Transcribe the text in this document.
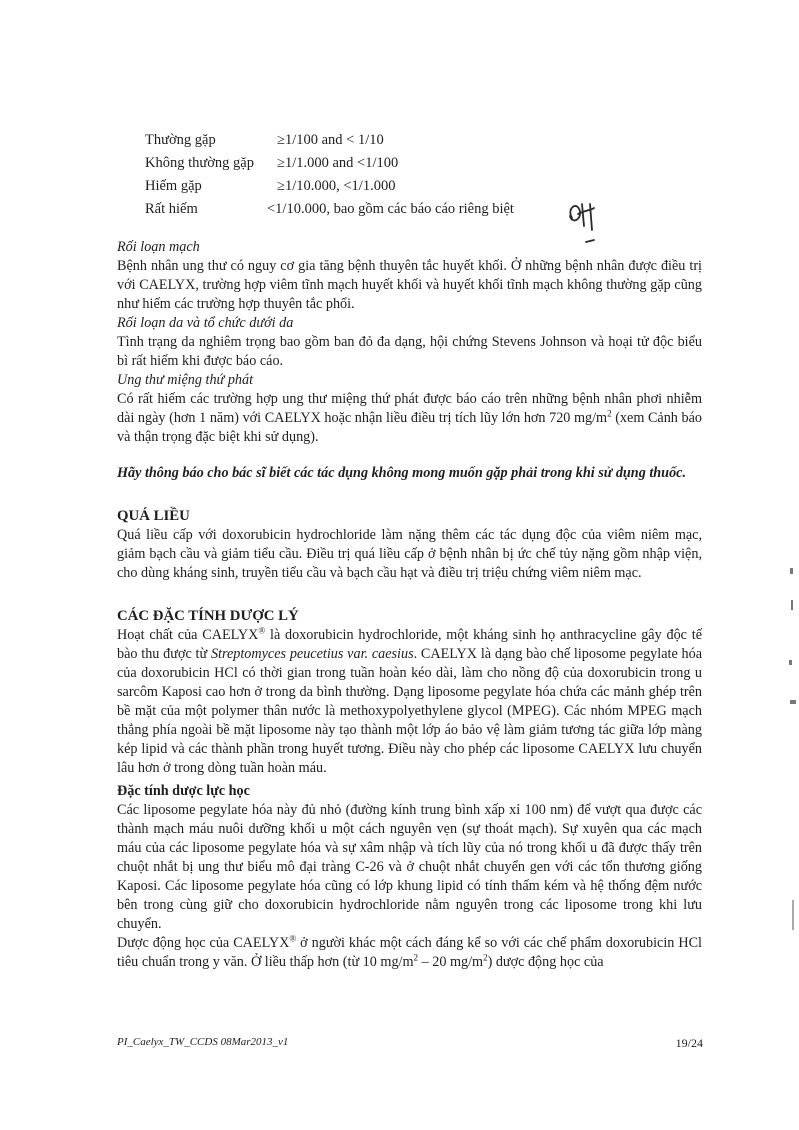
Thường gặp	≥1/100 and < 1/10
Không thường gặp	≥1/1.000 and <1/100
Hiếm gặp	≥1/10.000, <1/1.000
Rất hiếm	<1/10.000, bao gồm các báo cáo riêng biệt

Rối loạn mạch

Bệnh nhân ung thư có nguy cơ gia tăng bệnh thuyên tắc huyết khối. Ở những bệnh nhân được điều trị với CAELYX, trường hợp viêm tĩnh mạch huyết khối và huyết khối tĩnh mạch không thường gặp cũng như hiếm các trường hợp thuyên tắc phổi.

Rối loạn da và tổ chức dưới da

Tình trạng da nghiêm trọng bao gồm ban đỏ đa dạng, hội chứng Stevens Johnson và hoại tử độc biểu bì rất hiếm khi được báo cáo.

Ung thư miệng thứ phát

Có rất hiếm các trường hợp ung thư miệng thứ phát được báo cáo trên những bệnh nhân phơi nhiễm dài ngày (hơn 1 năm) với CAELYX hoặc nhận liều điều trị tích lũy lớn hơn 720 $mg/m^2$ (xem Cảnh báo và thận trọng đặc biệt khi sử dụng).

Hãy thông báo cho bác sĩ biết các tác dụng không mong muốn gặp phải trong khi sử dụng thuốc.

QUÁ LIỀU

Quá liều cấp với doxorubicin hydrochloride làm nặng thêm các tác dụng độc của viêm niêm mạc, giảm bạch cầu và giảm tiểu cầu. Điều trị quá liều cấp ở bệnh nhân bị ức chế tủy nặng gồm nhập viện, cho dùng kháng sinh, truyền tiểu cầu và bạch cầu hạt và điều trị triệu chứng viêm niêm mạc.

CÁC ĐẶC TÍNH DƯỢC LÝ

Hoạt chất của CAELYX® là doxorubicin hydrochloride, một kháng sinh họ anthracycline gây độc tế bào thu được từ Streptomyces peucetius var. caesius. CAELYX là dạng bào chế liposome pegylate hóa của doxorubicin HCl có thời gian trong tuần hoàn kéo dài, làm cho nồng độ của doxorubicin trong u sarcôm Kaposi cao hơn ở trong da bình thường. Dạng liposome pegylate hóa chứa các mảnh ghép trên bề mặt của một polymer thân nước là methoxypolyethylene glycol (MPEG). Các nhóm MPEG mạch thẳng phía ngoài bề mặt liposome này tạo thành một lớp áo bảo vệ làm giảm tương tác giữa lớp màng kép lipid và các thành phần trong huyết tương. Điều này cho phép các liposome CAELYX lưu chuyển lâu hơn ở trong dòng tuần hoàn máu.

Đặc tính dược lực học

Các liposome pegylate hóa này đủ nhỏ (đường kính trung bình xấp xỉ 100 nm) để vượt qua được các thành mạch máu nuôi dưỡng khối u một cách nguyên vẹn (sự thoát mạch). Sự xuyên qua các mạch máu của các liposome pegylate hóa và sự xâm nhập và tích lũy của nó trong khối u đã được thấy trên chuột nhắt bị ung thư biểu mô đại tràng C-26 và ở chuột nhắt chuyển gen với các tổn thương giống Kaposi. Các liposome pegylate hóa cũng có lớp khung lipid có tính thấm kém và hệ thống đệm nước bên trong cùng giữ cho doxorubicin hydrochloride nằm nguyên trong các liposome trong khi lưu chuyển.

Dược động học của CAELYX® ở người khác một cách đáng kể so với các chế phẩm doxorubicin HCl tiêu chuẩn trong y văn. Ở liều thấp hơn (từ 10 $mg/m^2 - 20$ $mg/m^2$) dược động học của

PI_Caelyx_TW_CCDS 08Mar2013_v1	19/24
